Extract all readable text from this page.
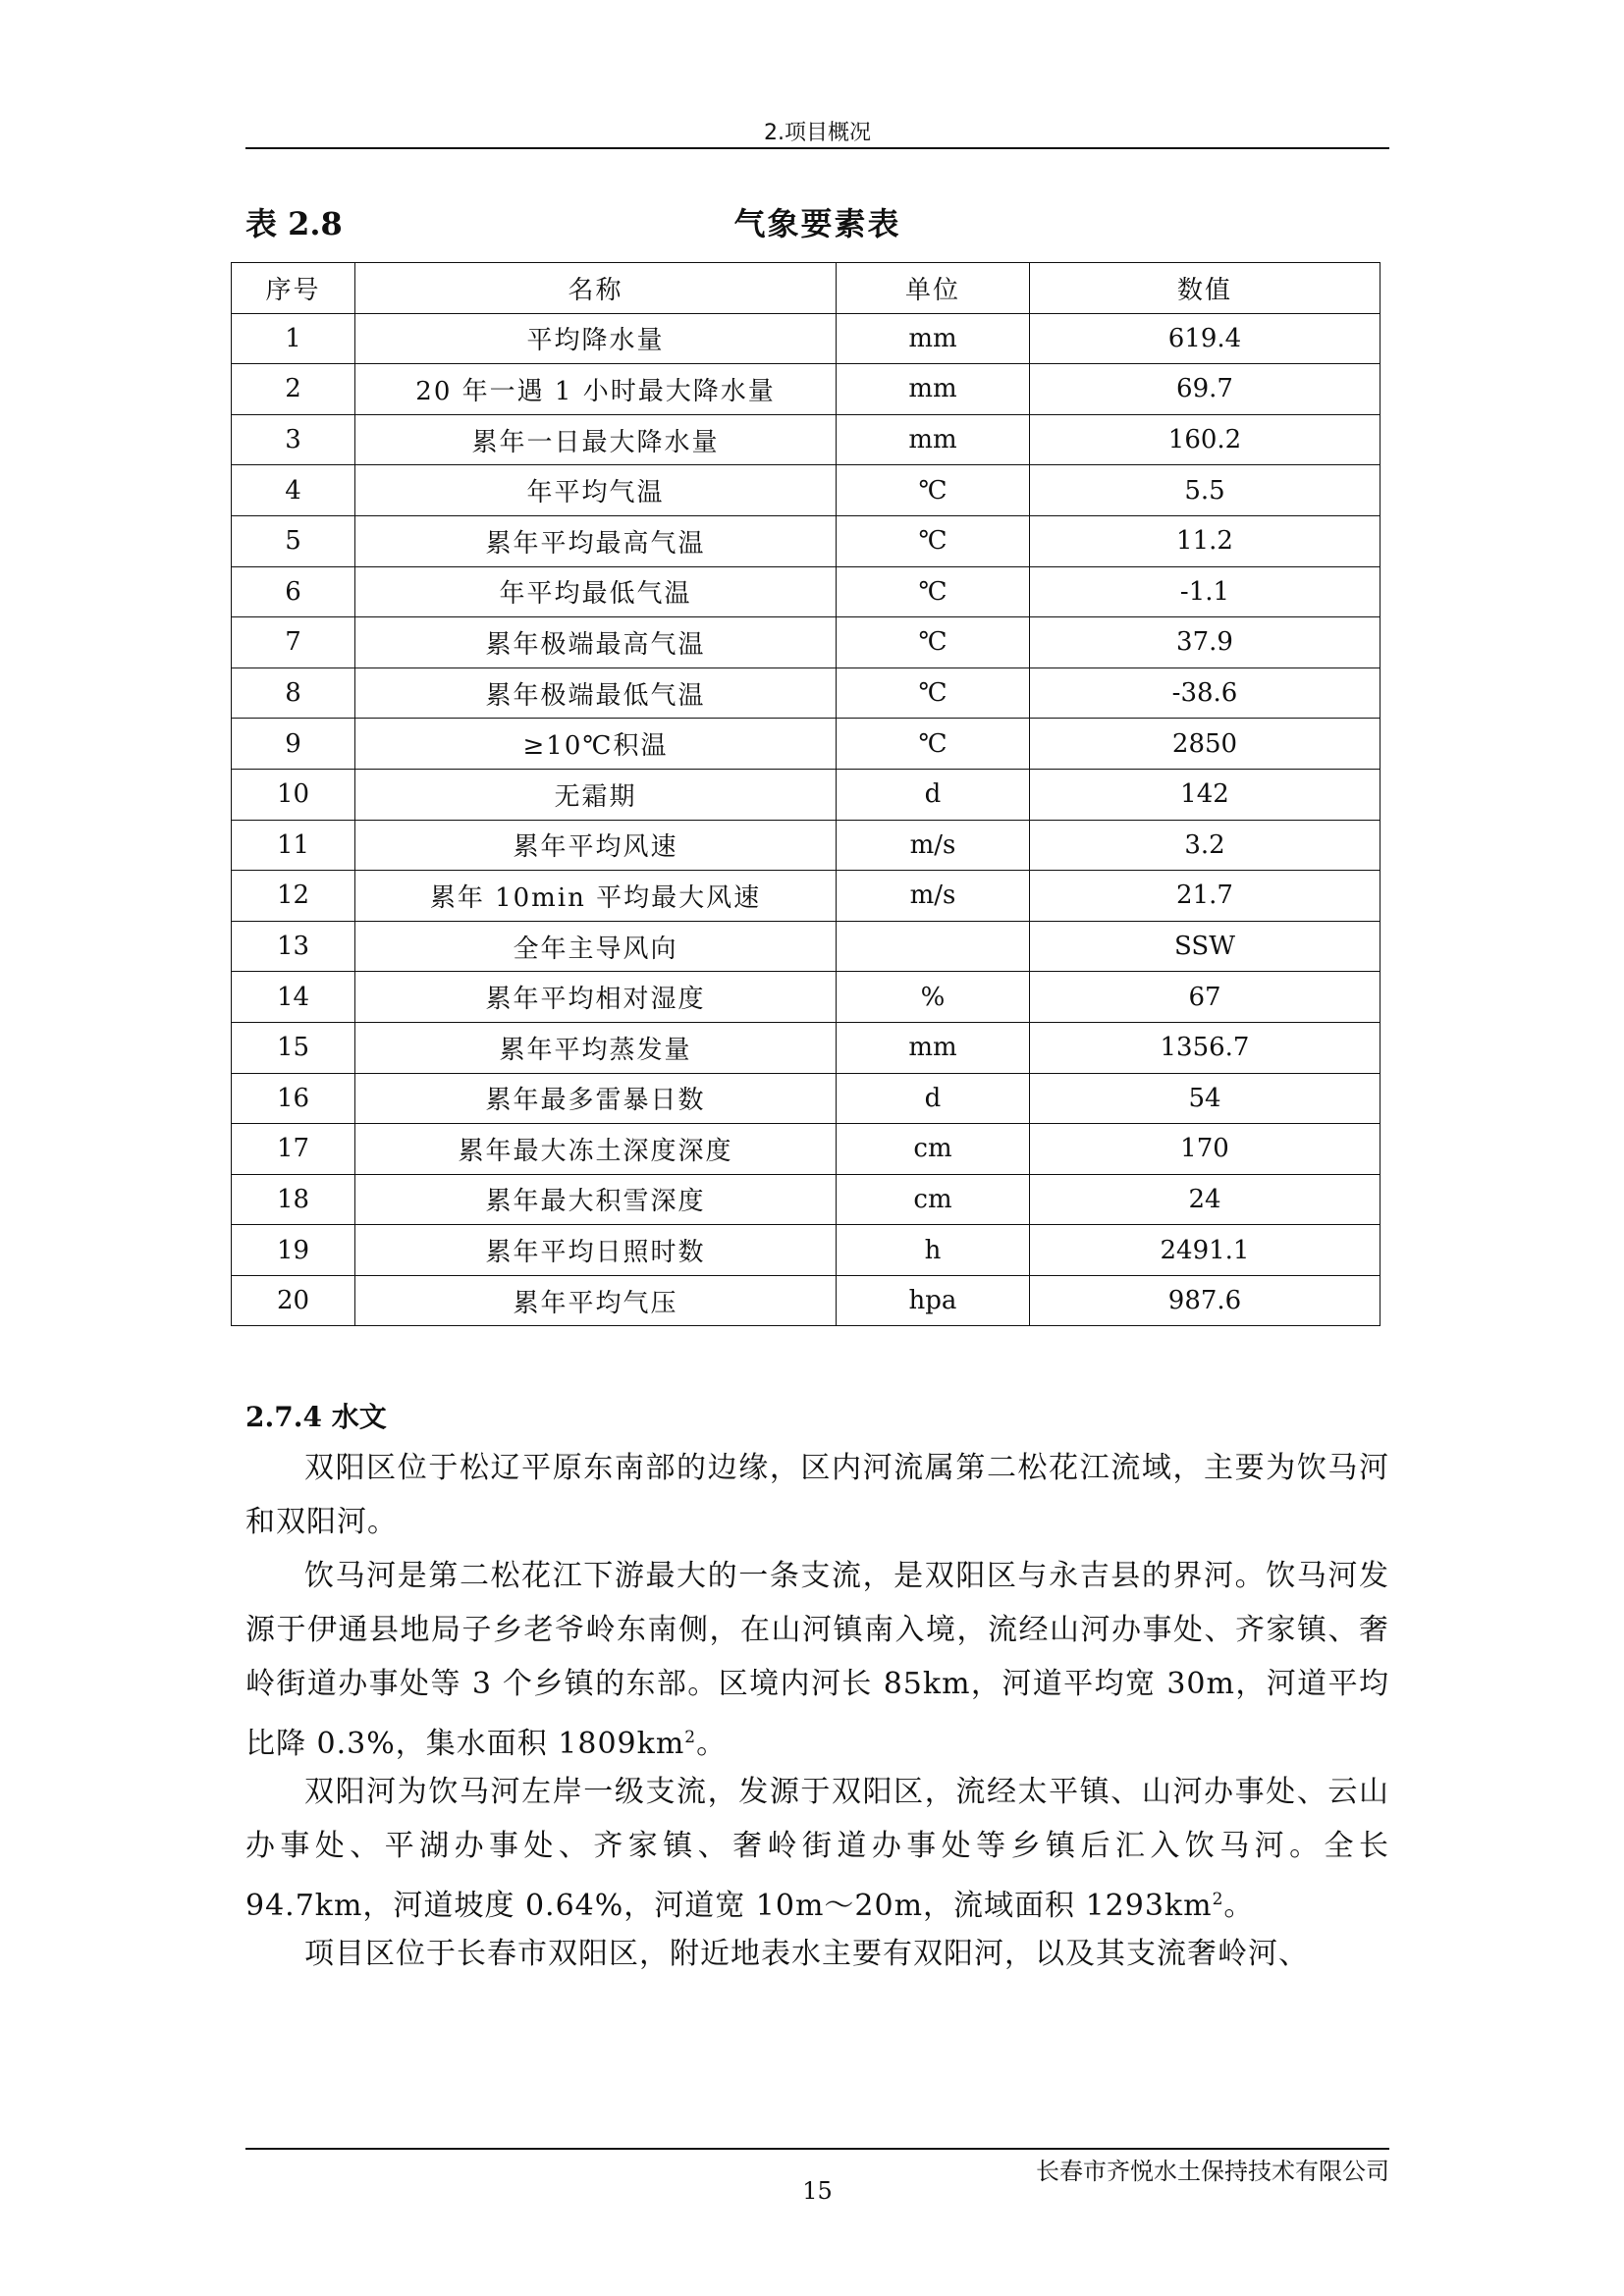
2.项目概况
气象要素表
表 2.8
序号	名称	单位	数值
1	平均降水量	mm	619.4
2	20 年一遇 1 小时最大降水量	mm	69.7
3	累年一日最大降水量	mm	160.2
4	年平均气温	℃	5.5
5	累年平均最高气温	℃	11.2
6	年平均最低气温	℃	-1.1
7	累年极端最高气温	℃	37.9
8	累年极端最低气温	℃	-38.6
9	≥10℃积温	℃	2850
10	无霜期	d	142
11	累年平均风速	m/s	3.2
12	累年 10min 平均最大风速	m/s	21.7
13	全年主导风向		SSW
14	累年平均相对湿度	%	67
15	累年平均蒸发量	mm	1356.7
16	累年最多雷暴日数	d	54
17	累年最大冻土深度深度	cm	170
18	累年最大积雪深度	cm	24
19	累年平均日照时数	h	2491.1
20	累年平均气压	hpa	987.6
2.7.4 水文

双阳区位于松辽平原东南部的边缘，区内河流属第二松花江流域，主要为饮马河和双阳河。

饮马河是第二松花江下游最大的一条支流，是双阳区与永吉县的界河。饮马河发源于伊通县地局子乡老爷岭东南侧，在山河镇南入境，流经山河办事处、齐家镇、奢岭街道办事处等 3 个乡镇的东部。区境内河长 85km，河道平均宽 30m，河道平均比降 0.3%，集水面积 $1809km^2$。

双阳河为饮马河左岸一级支流，发源于双阳区，流经太平镇、山河办事处、云山办事处、平湖办事处、齐家镇、奢岭街道办事处等乡镇后汇入饮马河。全长 94.7km，河道坡度 0.64%，河道宽 10m～20m，流域面积 $1293km^2$。

项目区位于长春市双阳区，附近地表水主要有双阳河，以及其支流奢岭河、

长春市齐悦水土保持技术有限公司
15
